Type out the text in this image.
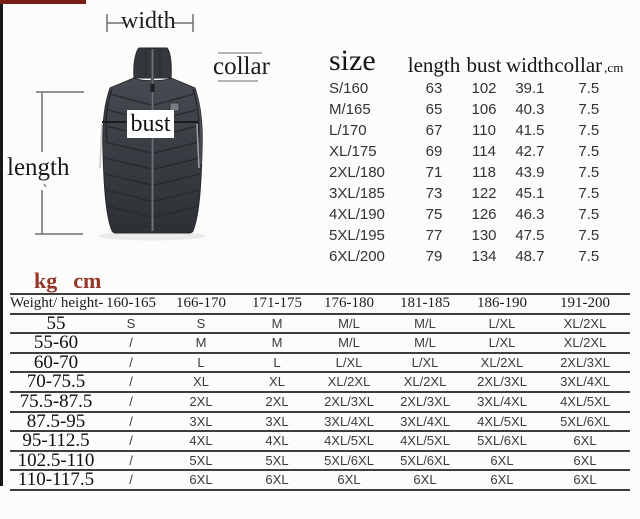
width
collar
length
bust
size	length	bust	width	collar ,cm
S/160	63	102	39.1	7.5
M/165	65	106	40.3	7.5
L/170	67	110	41.5	7.5
XL/175	69	114	42.7	7.5
2XL/180	71	118	43.9	7.5
3XL/185	73	122	45.1	7.5
4XL/190	75	126	46.3	7.5
5XL/195	77	130	47.5	7.5
6XL/200	79	134	48.7	7.5
kg cm
Weight/ height- 160-165	166-170	171-175	176-180	181-185	186-190	191-200
55	S	S	M	M/L	M/L	L/XL	XL/2XL
55-60	/	M	M	M/L	M/L	L/XL	XL/2XL
60-70	/	L	L	L/XL	L/XL	XL/2XL	2XL/3XL
70-75.5	/	XL	XL	XL/2XL	XL/2XL	2XL/3XL	3XL/4XL
75.5-87.5	/	2XL	2XL	2XL/3XL	2XL/3XL	3XL/4XL	4XL/5XL
87.5-95	/	3XL	3XL	3XL/4XL	3XL/4XL	4XL/5XL	5XL/6XL
95-112.5	/	4XL	4XL	4XL/5XL	4XL/5XL	5XL/6XL	6XL
102.5-110	/	5XL	5XL	5XL/6XL	5XL/6XL	6XL	6XL
110-117.5	/	6XL	6XL	6XL	6XL	6XL	6XL
